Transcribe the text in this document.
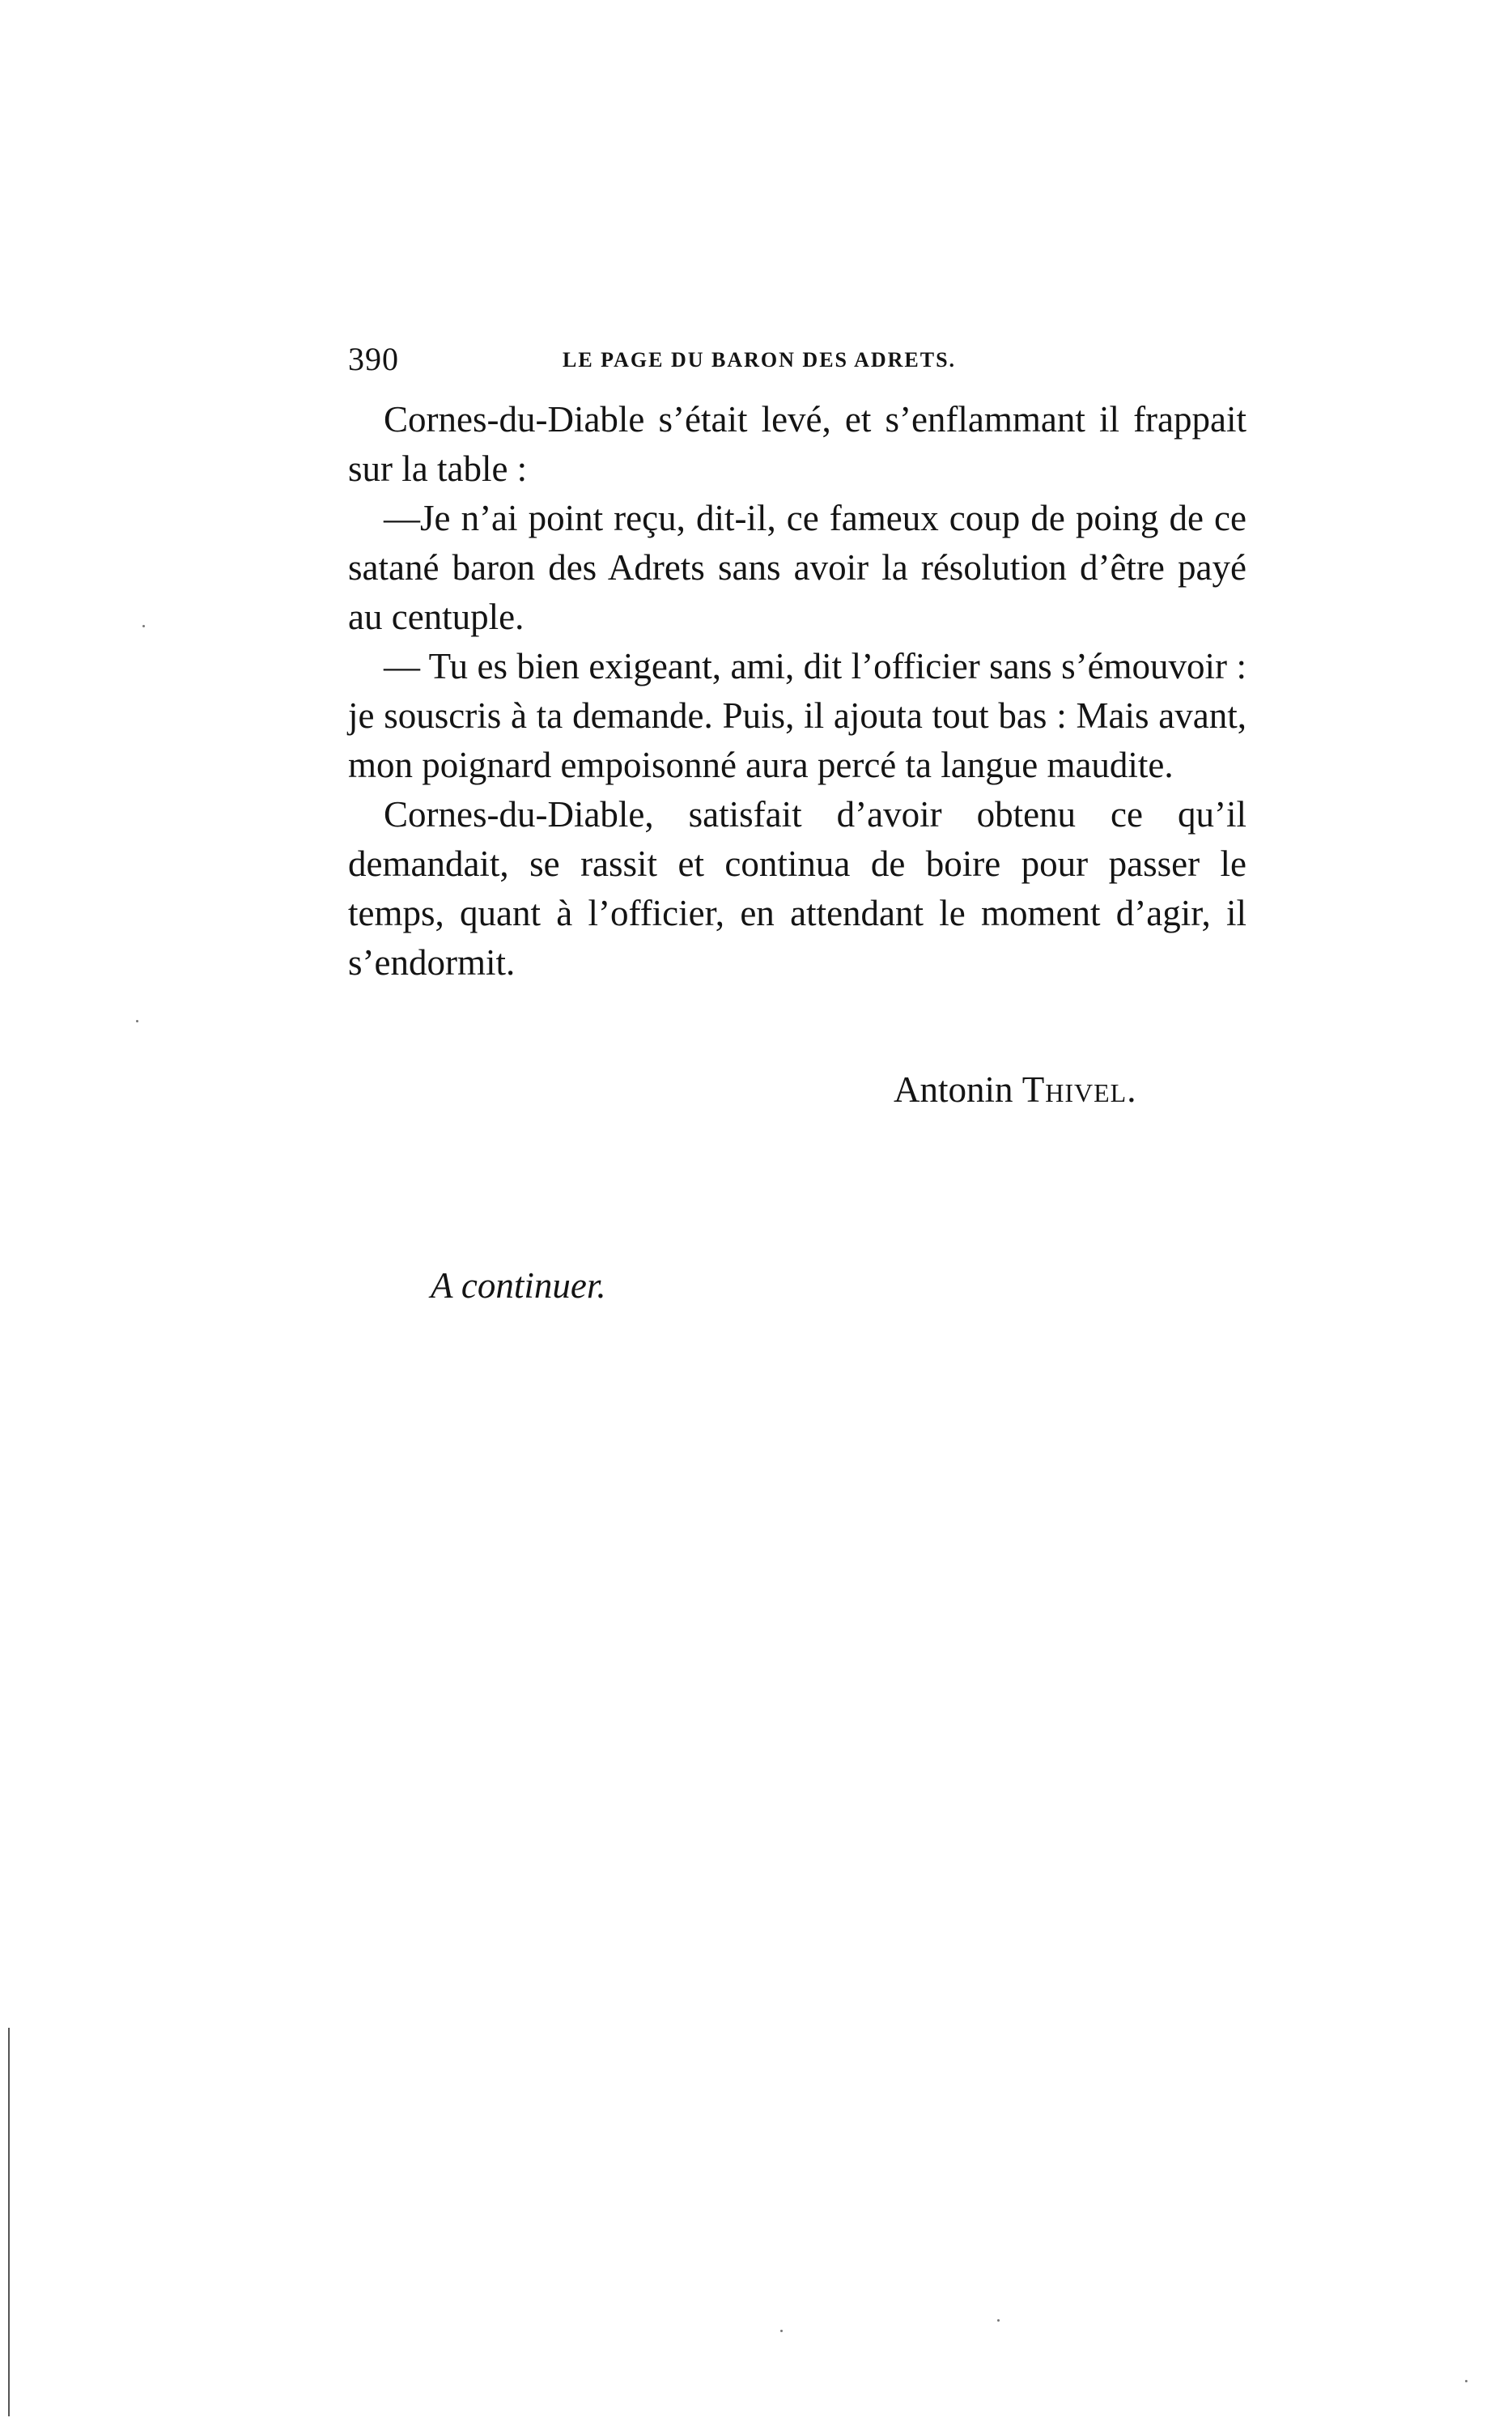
390	LE PAGE DU BARON DES ADRETS.

Cornes-du-Diable s’était levé, et s’enflammant il frappait sur la table :

—Je n’ai point reçu, dit-il, ce fameux coup de poing de ce satané baron des Adrets sans avoir la résolution d’être payé au centuple.

— Tu es bien exigeant, ami, dit l’officier sans s’émouvoir : je souscris à ta demande. Puis, il ajouta tout bas : Mais avant, mon poignard empoisonné aura percé ta langue maudite.

Cornes-du-Diable, satisfait d’avoir obtenu ce qu’il demandait, se rassit et continua de boire pour passer le temps, quant à l’officier, en attendant le moment d’agir, il s’endormit.

Antonin Thivel.
A continuer.
